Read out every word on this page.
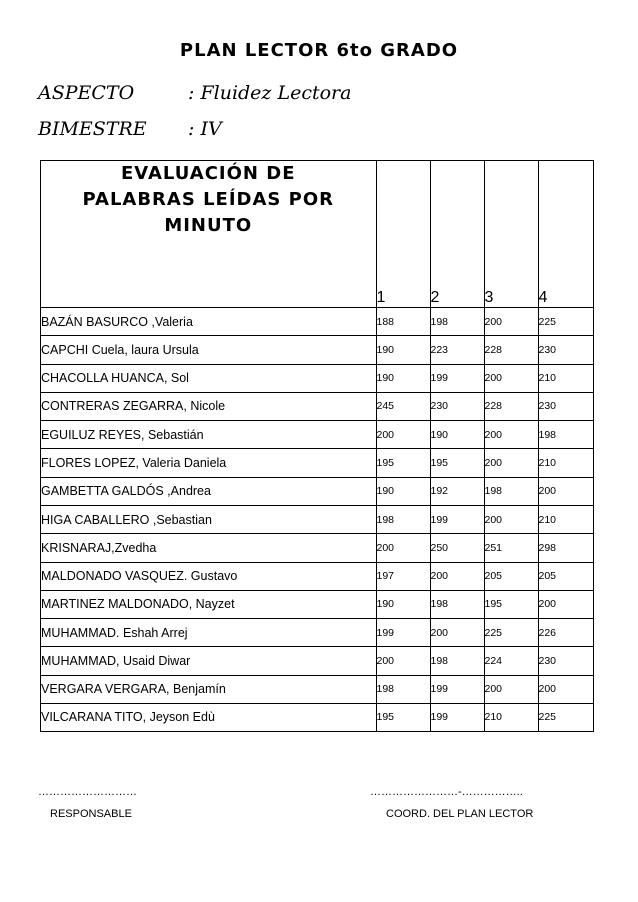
PLAN LECTOR 6to GRADO
ASPECTO	: Fluidez Lectora
BIMESTRE : IV
EVALUACIÓN DE
PALABRAS LEÍDAS POR
MINUTO	1	2	3	4
BAZÁN BASURCO ,Valeria	188	198	200	225
CAPCHI Cuela, laura Ursula	190	223	228	230
CHACOLLA HUANCA, Sol	190	199	200	210
CONTRERAS ZEGARRA, Nicole	245	230	228	230
EGUILUZ REYES, Sebastián	200	190	200	198
FLORES LOPEZ, Valeria Daniela	195	195	200	210
GAMBETTA GALDÓS ,Andrea	190	192	198	200
HIGA CABALLERO ,Sebastian	198	199	200	210
KRISNARAJ,Zvedha	200	250	251	298
MALDONADO VASQUEZ. Gustavo	197	200	205	205
MARTINEZ MALDONADO, Nayzet	190	198	195	200
MUHAMMAD. Eshah Arrej	199	200	225	226
MUHAMMAD, Usaid Diwar	200	198	224	230
VERGARA VERGARA, Benjamín	198	199	200	200
VILCARANA TITO, Jeyson Edù	195	199	210	225
………………………
RESPONSABLE
……………………-……………..
COORD. DEL PLAN LECTOR
